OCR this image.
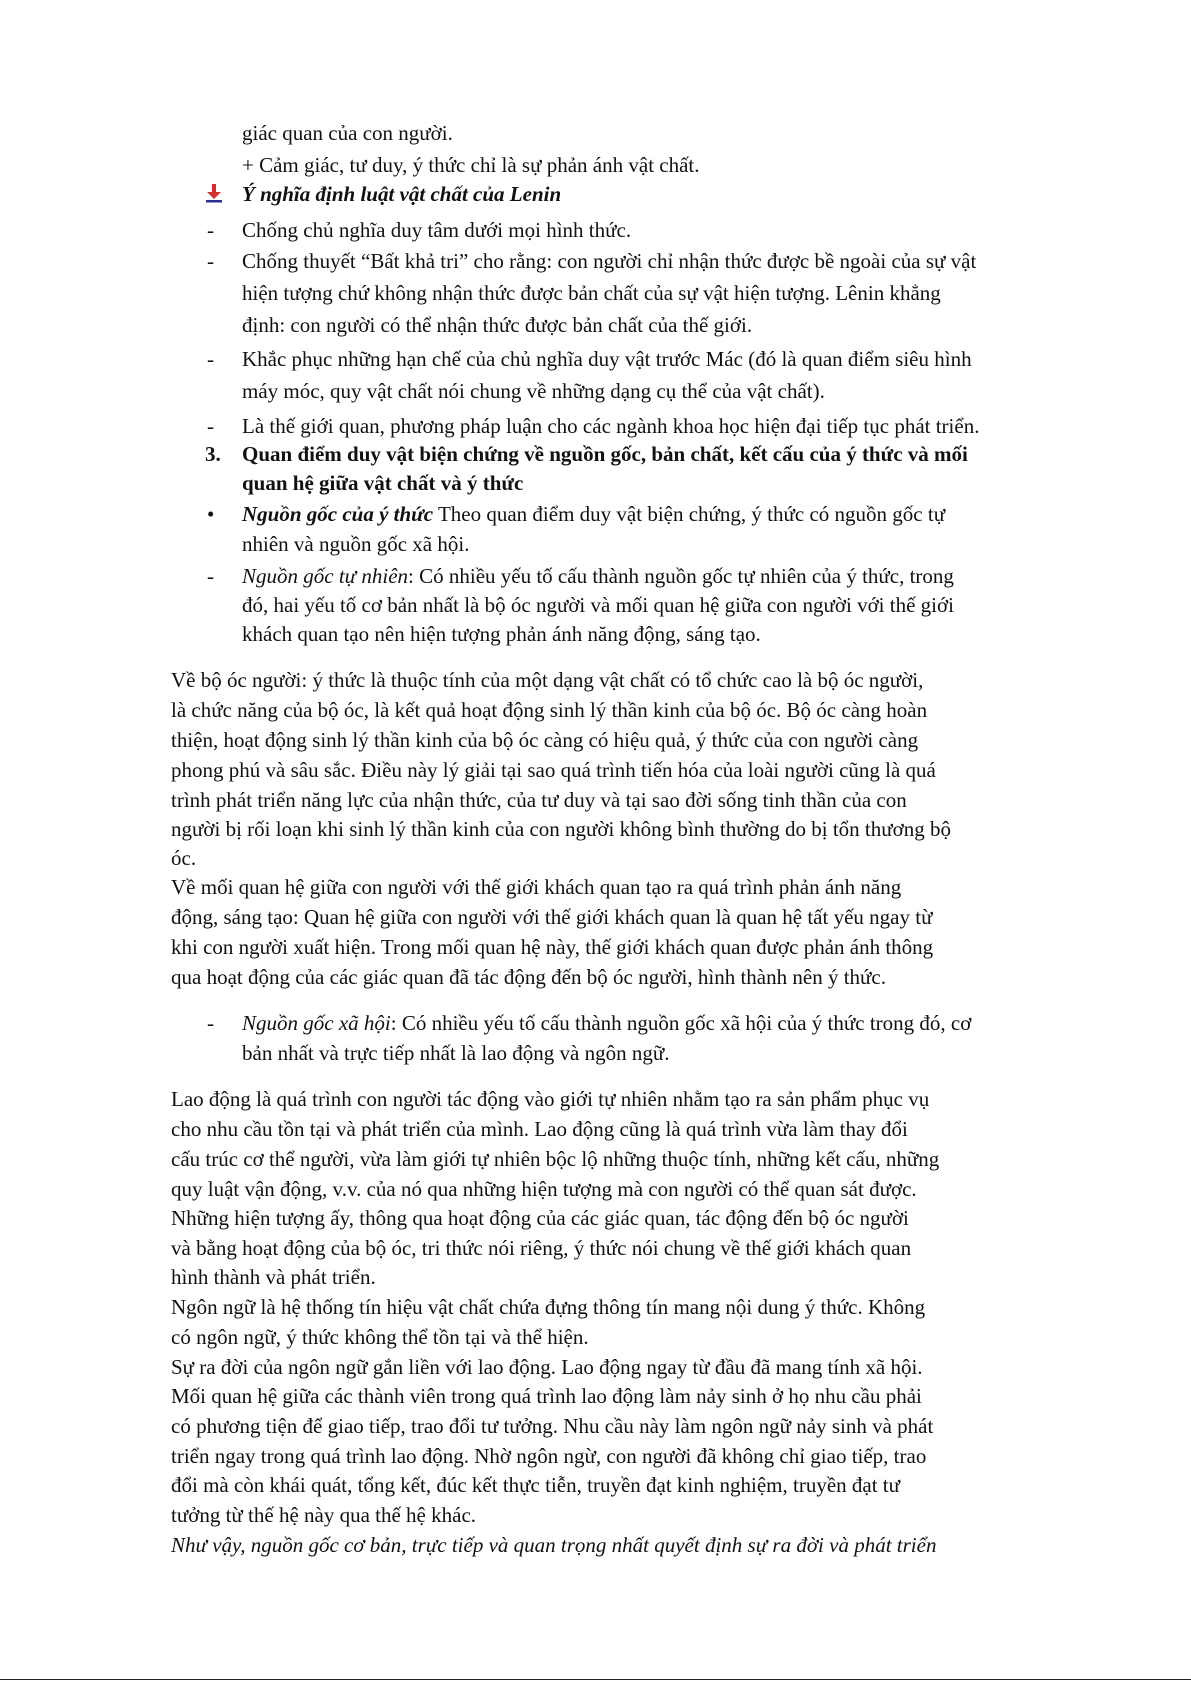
giác quan của con người.
+ Cảm giác, tư duy, ý thức chỉ là sự phản ánh vật chất.
Ý nghĩa định luật vật chất của Lenin
- Chống chủ nghĩa duy tâm dưới mọi hình thức.
- Chống thuyết “Bất khả tri” cho rằng: con người chỉ nhận thức được bề ngoài của sự vật
hiện tượng chứ không nhận thức được bản chất của sự vật hiện tượng. Lênin khẳng
định: con người có thể nhận thức được bản chất của thế giới.
- Khắc phục những hạn chế của chủ nghĩa duy vật trước Mác (đó là quan điểm siêu hình
máy móc, quy vật chất nói chung về những dạng cụ thể của vật chất).
- Là thế giới quan, phương pháp luận cho các ngành khoa học hiện đại tiếp tục phát triển.
3. Quan điểm duy vật biện chứng về nguồn gốc, bản chất, kết cấu của ý thức và mối
quan hệ giữa vật chất và ý thức
• Nguồn gốc của ý thức Theo quan điểm duy vật biện chứng, ý thức có nguồn gốc tự
nhiên và nguồn gốc xã hội.
- Nguồn gốc tự nhiên: Có nhiều yếu tố cấu thành nguồn gốc tự nhiên của ý thức, trong
đó, hai yếu tố cơ bản nhất là bộ óc người và mối quan hệ giữa con người với thế giới
khách quan tạo nên hiện tượng phản ánh năng động, sáng tạo.
Về bộ óc người: ý thức là thuộc tính của một dạng vật chất có tổ chức cao là bộ óc người,
là chức năng của bộ óc, là kết quả hoạt động sinh lý thần kinh của bộ óc. Bộ óc càng hoàn
thiện, hoạt động sinh lý thần kinh của bộ óc càng có hiệu quả, ý thức của con người càng
phong phú và sâu sắc. Điều này lý giải tại sao quá trình tiến hóa của loài người cũng là quá
trình phát triển năng lực của nhận thức, của tư duy và tại sao đời sống tinh thần của con
người bị rối loạn khi sinh lý thần kinh của con người không bình thường do bị tổn thương bộ
óc.
Về mối quan hệ giữa con người với thế giới khách quan tạo ra quá trình phản ánh năng
động, sáng tạo: Quan hệ giữa con người với thế giới khách quan là quan hệ tất yếu ngay từ
khi con người xuất hiện. Trong mối quan hệ này, thế giới khách quan được phản ánh thông
qua hoạt động của các giác quan đã tác động đến bộ óc người, hình thành nên ý thức.
- Nguồn gốc xã hội: Có nhiều yếu tố cấu thành nguồn gốc xã hội của ý thức trong đó, cơ
bản nhất và trực tiếp nhất là lao động và ngôn ngữ.
Lao động là quá trình con người tác động vào giới tự nhiên nhằm tạo ra sản phẩm phục vụ
cho nhu cầu tồn tại và phát triển của mình. Lao động cũng là quá trình vừa làm thay đổi
cấu trúc cơ thể người, vừa làm giới tự nhiên bộc lộ những thuộc tính, những kết cấu, những
quy luật vận động, v.v. của nó qua những hiện tượng mà con người có thể quan sát được.
Những hiện tượng ấy, thông qua hoạt động của các giác quan, tác động đến bộ óc người
và bằng hoạt động của bộ óc, tri thức nói riêng, ý thức nói chung về thế giới khách quan
hình thành và phát triển.
Ngôn ngữ là hệ thống tín hiệu vật chất chứa đựng thông tín mang nội dung ý thức. Không
có ngôn ngữ, ý thức không thể tồn tại và thể hiện.
Sự ra đời của ngôn ngữ gắn liền với lao động. Lao động ngay từ đầu đã mang tính xã hội.
Mối quan hệ giữa các thành viên trong quá trình lao động làm nảy sinh ở họ nhu cầu phải
có phương tiện để giao tiếp, trao đổi tư tưởng. Nhu cầu này làm ngôn ngữ nảy sinh và phát
triển ngay trong quá trình lao động. Nhờ ngôn ngừ, con người đã không chỉ giao tiếp, trao
đổi mà còn khái quát, tổng kết, đúc kết thực tiễn, truyền đạt kinh nghiệm, truyền đạt tư
tưởng từ thế hệ này qua thế hệ khác.
Như vậy, nguồn gốc cơ bản, trực tiếp và quan trọng nhất quyết định sự ra đời và phát triển
